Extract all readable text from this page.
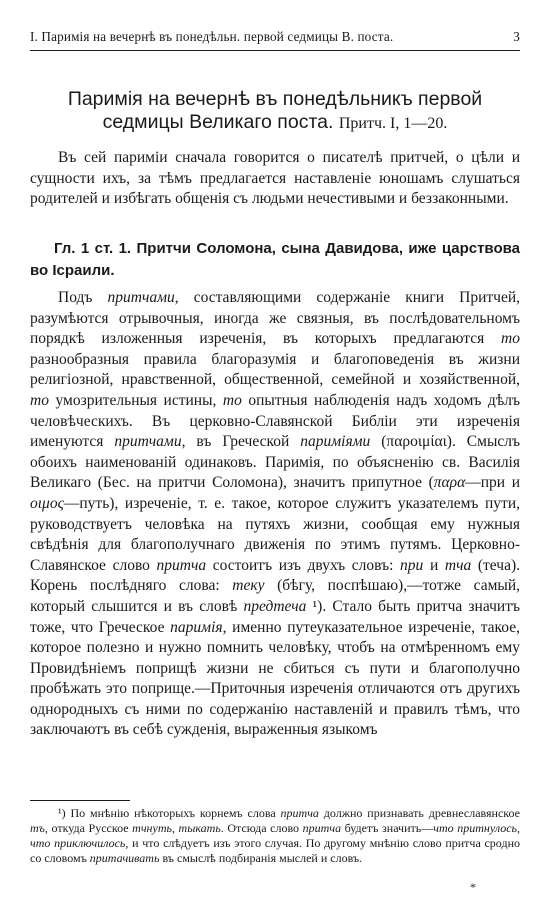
I. Паримія на вечернѣ въ понедѣльн. первой седмицы В. поста.	3
Паримія на вечернѣ въ понедѣльникъ первой седмицы Великаго поста. Притч. I, 1—20.

Въ сей паримiи сначала говорится о писателѣ притчей, о цѣли и сущности ихъ, за тѣмъ предлагается наставленiе юношамъ слушаться родителей и избѣгать общенiя съ людьми нечестивыми и беззаконными.

Гл. 1 ст. 1. Притчи Соломона, сына Давидова, иже царствова во Iсраили.

Подъ притчами, составляющими содержанiе книги Притчей, разумѣются отрывочныя, иногда же связныя, въ послѣдовательномъ порядкѣ изложенныя изреченiя, въ которыхъ предлагаются то разнообразныя правила благоразумiя и благоповеденiя въ жизни религiозной, нравственной, общественной, семейной и хозяйственной, то умозрительныя истины, то опытныя наблюденiя надъ ходомъ дѣлъ человѣческихъ. Въ церковно-Славянской Библiи эти изреченiя именуются притчами, въ Греческой паримiями (παροιμίαι). Смыслъ обоихъ наименованiй одинаковъ. Паримiя, по объясненiю св. Василiя Великаго (Бес. на притчи Соломона), значитъ припутное (παρα—при и οιμος—путь), изреченiе, т. е. такое, которое служитъ указателемъ пути, руководствуетъ человѣка на путяхъ жизни, сообщая ему нужныя свѣдѣнiя для благополучнаго движенiя по этимъ путямъ. Церковно-Славянское слово притча состоитъ изъ двухъ словъ: при и тча (теча). Корень послѣдняго слова: теку (бѣгу, поспѣшаю),—тотже самый, который слышится и въ словѣ предтеча ¹). Стало быть притча значитъ тоже, что Греческое паримiя, именно путеуказательное изреченiе, такое, которое полезно и нужно помнить человѣку, чтобъ на отмѣренномъ ему Провидѣнiемъ поприщѣ жизни не сбиться съ пути и благополучно пробѣжать это поприще.—Приточныя изреченiя отличаются отъ другихъ однородныхъ съ ними по содержанiю наставленiй и правилъ тѣмъ, что заключаютъ въ себѣ сужденiя, выраженныя языкомъ

¹) По мнѣнiю нѣкоторыхъ корнемъ слова притча должно признавать древнеславянское тъ, откуда Русское тчнуть, тыкать. Отсюда слово притча будетъ значить—что притнулось, что приключилось, и что слѣдуетъ изъ этого случая. По другому мнѣнiю слово притча сродно со словомъ притачивать въ смыслѣ подбиранiя мыслей и словъ.

*
